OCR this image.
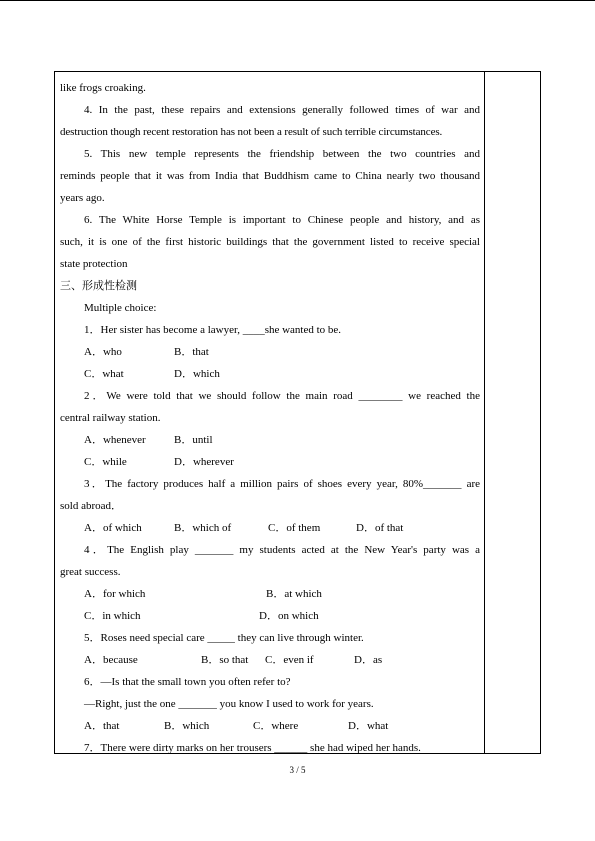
like frogs croaking.
4. In the past, these repairs and extensions generally followed times of war and
destruction though recent restoration has not been a result of such terrible circumstances.
5. This new temple represents the friendship between the two countries and
reminds people that it was from India that Buddhism came to China nearly two thousand
years ago.
6. The White Horse Temple is important to Chinese people and history, and as
such, it is one of the first historic buildings that the government listed to receive special
state protection
三、形成性检测
Multiple choice:
1．Her sister has become a lawyer, ____she wanted to be.
A．who	B．that
C．what	D．which
2．We were told that we should follow the main road ________ we reached the
central railway station.
A．whenever	B．until
C．while	D．wherever
3．The factory produces half a million pairs of shoes every year, 80%_______ are
sold abroad．
A．of which	B．which of	C．of them	D．of that
4．The English play _______ my students acted at the New Year's party was a
great success.
A．for which	B．at which
C．in which	D．on which
5．Roses need special care _____ they can live through winter.
A．because	B．so that	C．even if	D．as
6．—Is that the small town you often refer to?
—Right, just the one _______ you know I used to work for years.
A．that	B．which	C．where	D．what
7．There were dirty marks on her trousers ______ she had wiped her hands.
3 / 5
